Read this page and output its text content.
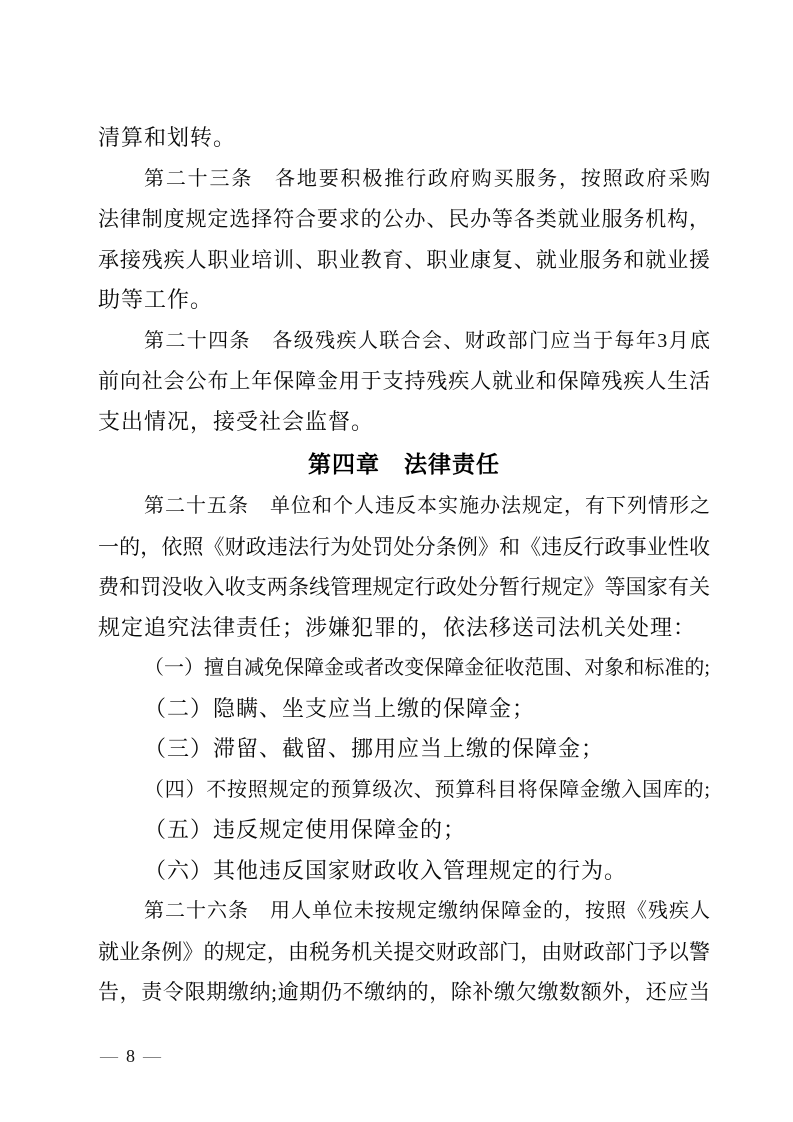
清算和划转。
第二十三条　各地要积极推行政府购买服务，按照政府采购
法律制度规定选择符合要求的公办、民办等各类就业服务机构，
承接残疾人职业培训、职业教育、职业康复、就业服务和就业援
助等工作。
第二十四条　各级残疾人联合会、财政部门应当于每年3月底
前向社会公布上年保障金用于支持残疾人就业和保障残疾人生活
支出情况，接受社会监督。
第四章　法律责任
第二十五条　单位和个人违反本实施办法规定，有下列情形之
一的，依照《财政违法行为处罚处分条例》和《违反行政事业性收
费和罚没收入收支两条线管理规定行政处分暂行规定》等国家有关
规定追究法律责任；涉嫌犯罪的，依法移送司法机关处理：
（一）擅自减免保障金或者改变保障金征收范围、对象和标准的;
（二）隐瞒、坐支应当上缴的保障金；
（三）滞留、截留、挪用应当上缴的保障金；
（四）不按照规定的预算级次、预算科目将保障金缴入国库的;
（五）违反规定使用保障金的；
（六）其他违反国家财政收入管理规定的行为。
第二十六条　用人单位未按规定缴纳保障金的，按照《残疾人
就业条例》的规定，由税务机关提交财政部门，由财政部门予以警
告，责令限期缴纳;逾期仍不缴纳的，除补缴欠缴数额外，还应当
— 8 —
